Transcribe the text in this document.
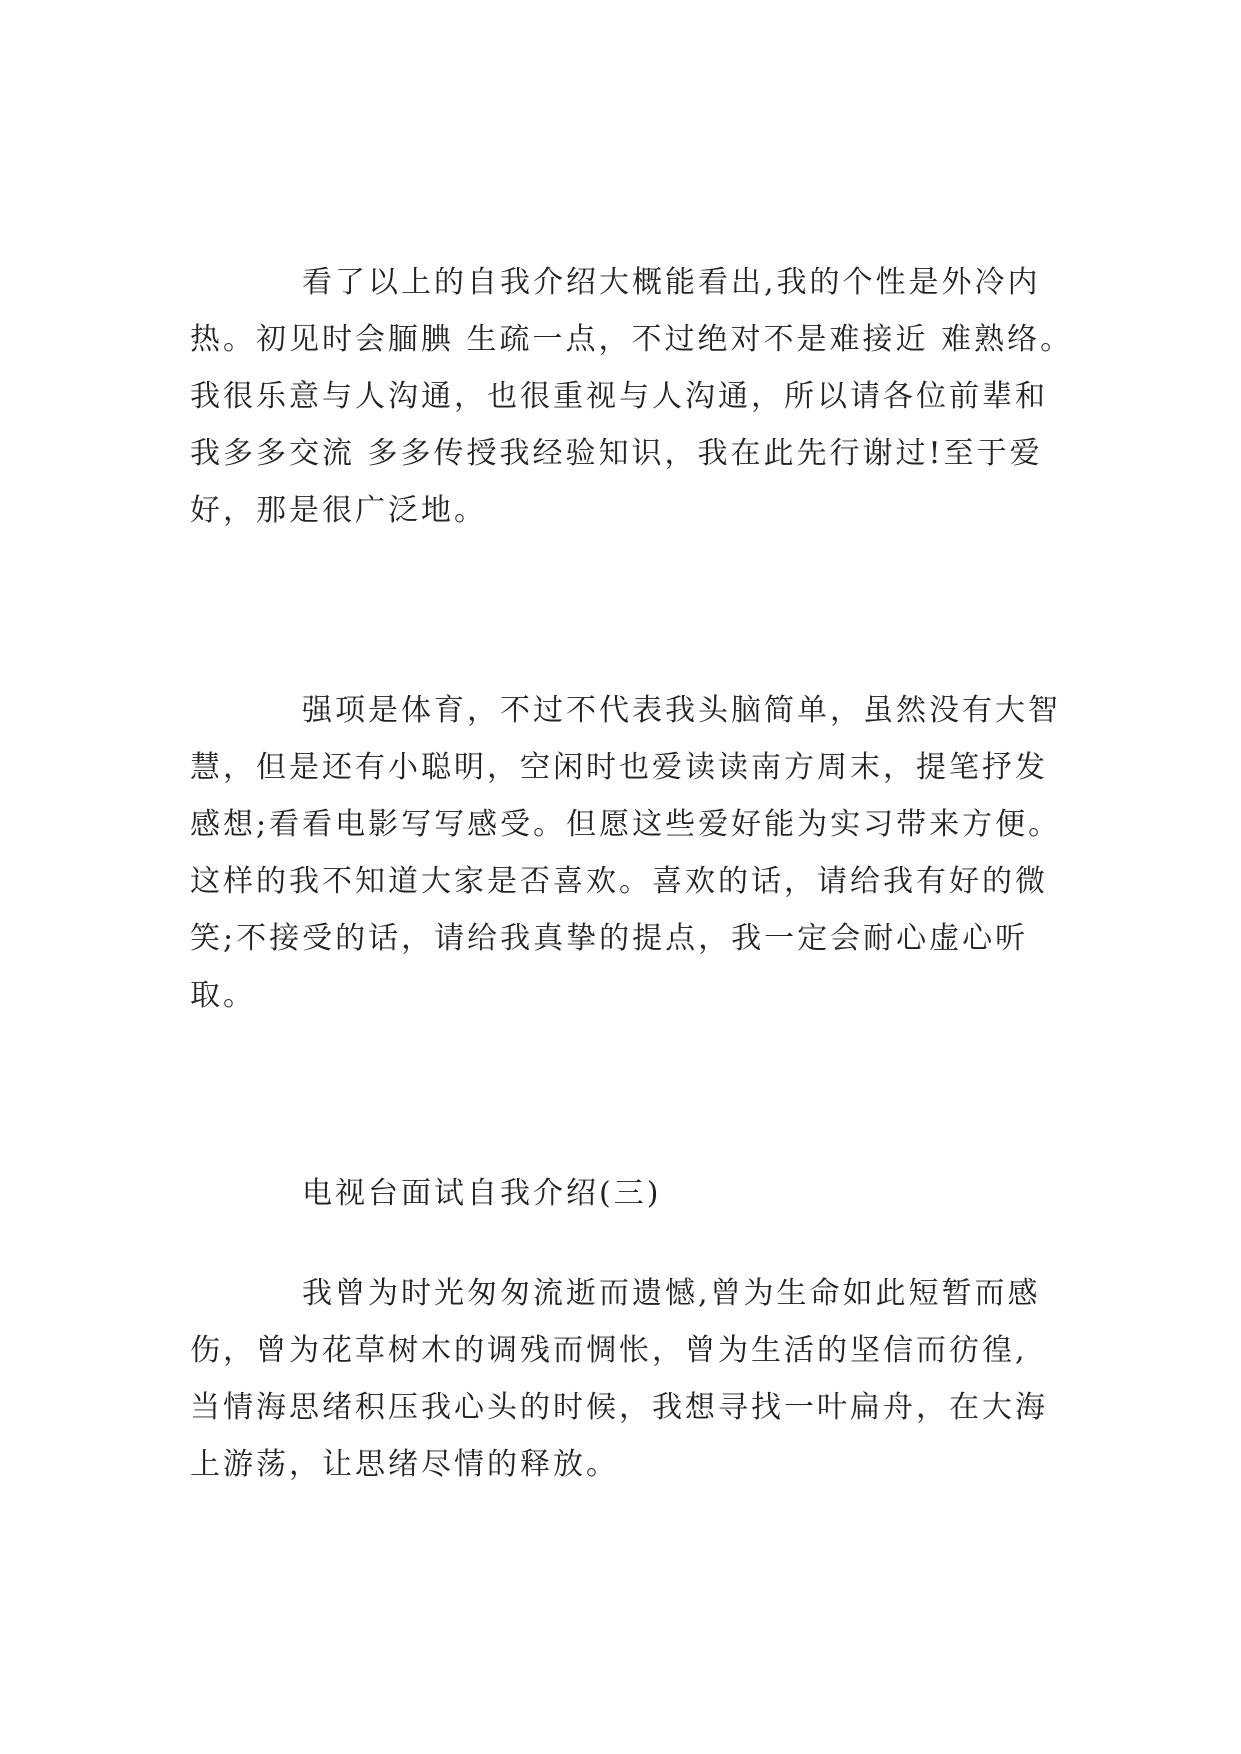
看了以上的自我介绍大概能看出,我的个性是外冷内
热。初见时会腼腆 生疏一点，不过绝对不是难接近 难熟络。
我很乐意与人沟通，也很重视与人沟通，所以请各位前辈和
我多多交流 多多传授我经验知识，我在此先行谢过!至于爱
好，那是很广泛地。
强项是体育，不过不代表我头脑简单，虽然没有大智
慧，但是还有小聪明，空闲时也爱读读南方周末，提笔抒发
感想;看看电影写写感受。但愿这些爱好能为实习带来方便。
这样的我不知道大家是否喜欢。喜欢的话，请给我有好的微
笑;不接受的话，请给我真挚的提点，我一定会耐心虚心听
取。
电视台面试自我介绍(三)
我曾为时光匆匆流逝而遗憾,曾为生命如此短暂而感
伤，曾为花草树木的调残而惆怅，曾为生活的坚信而彷徨,
当情海思绪积压我心头的时候，我想寻找一叶扁舟，在大海
上游荡，让思绪尽情的释放。
